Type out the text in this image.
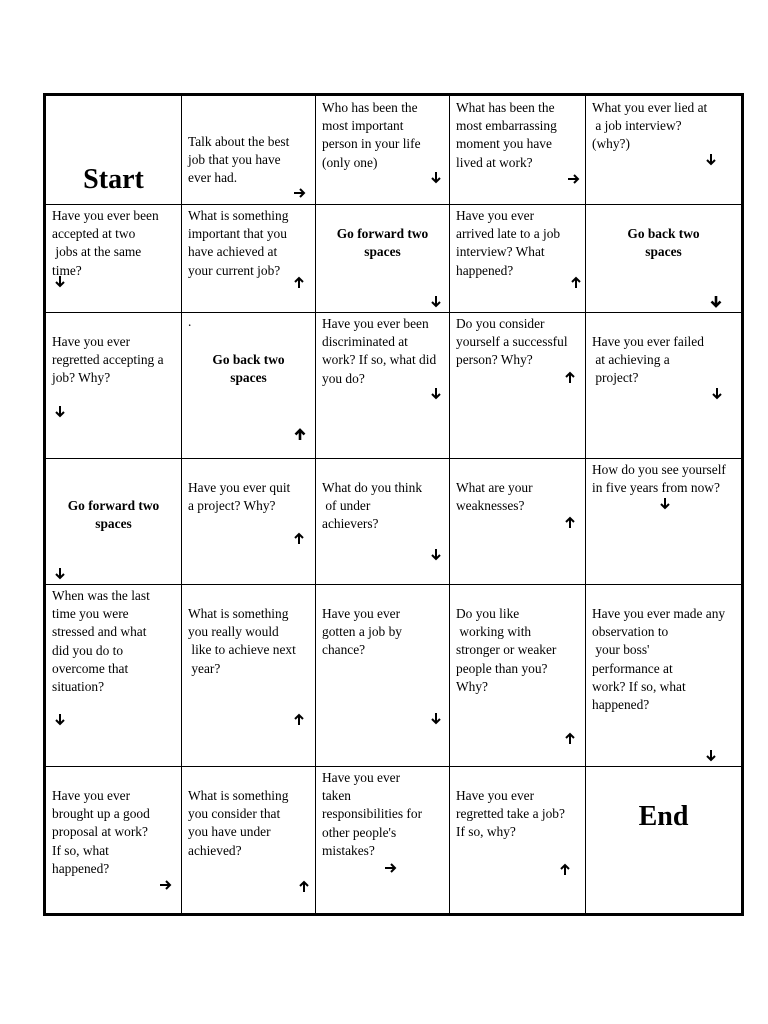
Start
Talk about the best
job that you have
ever had.
Who has been the
most important
person in your life
(only one)
What has been the
most embarrassing
moment you have
lived at work?
What you ever lied at
a job interview?
(why?)
Have you ever been
accepted at two
jobs at the same
time?
What is something
important that you
have achieved at
your current job?
Go forward two
spaces
Have you ever
arrived late to a job
interview? What
happened?
Go back two
spaces
Have you ever
regretted accepting a
job? Why?
.
Go back two
spaces
Have you ever been
discriminated at
work? If so, what did
you do?
Do you consider
yourself a successful
person? Why?
Have you ever failed
at achieving a
project?
Go forward two
spaces
Have you ever quit
a project? Why?
What do you think
of under
achievers?
What are your
weaknesses?
How do you see yourself
in five years from now?
When was the last
time you were
stressed and what
did you do to
overcome that
situation?
What is something
you really would
like to achieve next
year?
Have you ever
gotten a job by
chance?
Do you like
working with
stronger or weaker
people than you?
Why?
Have you ever made any
observation to
your boss'
performance at
work? If so, what
happened?
Have you ever
brought up a good
proposal at work?
If so, what
happened?
What is something
you consider that
you have under
achieved?
Have you ever
taken
responsibilities for
other people's
mistakes?
Have you ever
regretted take a job?
If so, why?	End
